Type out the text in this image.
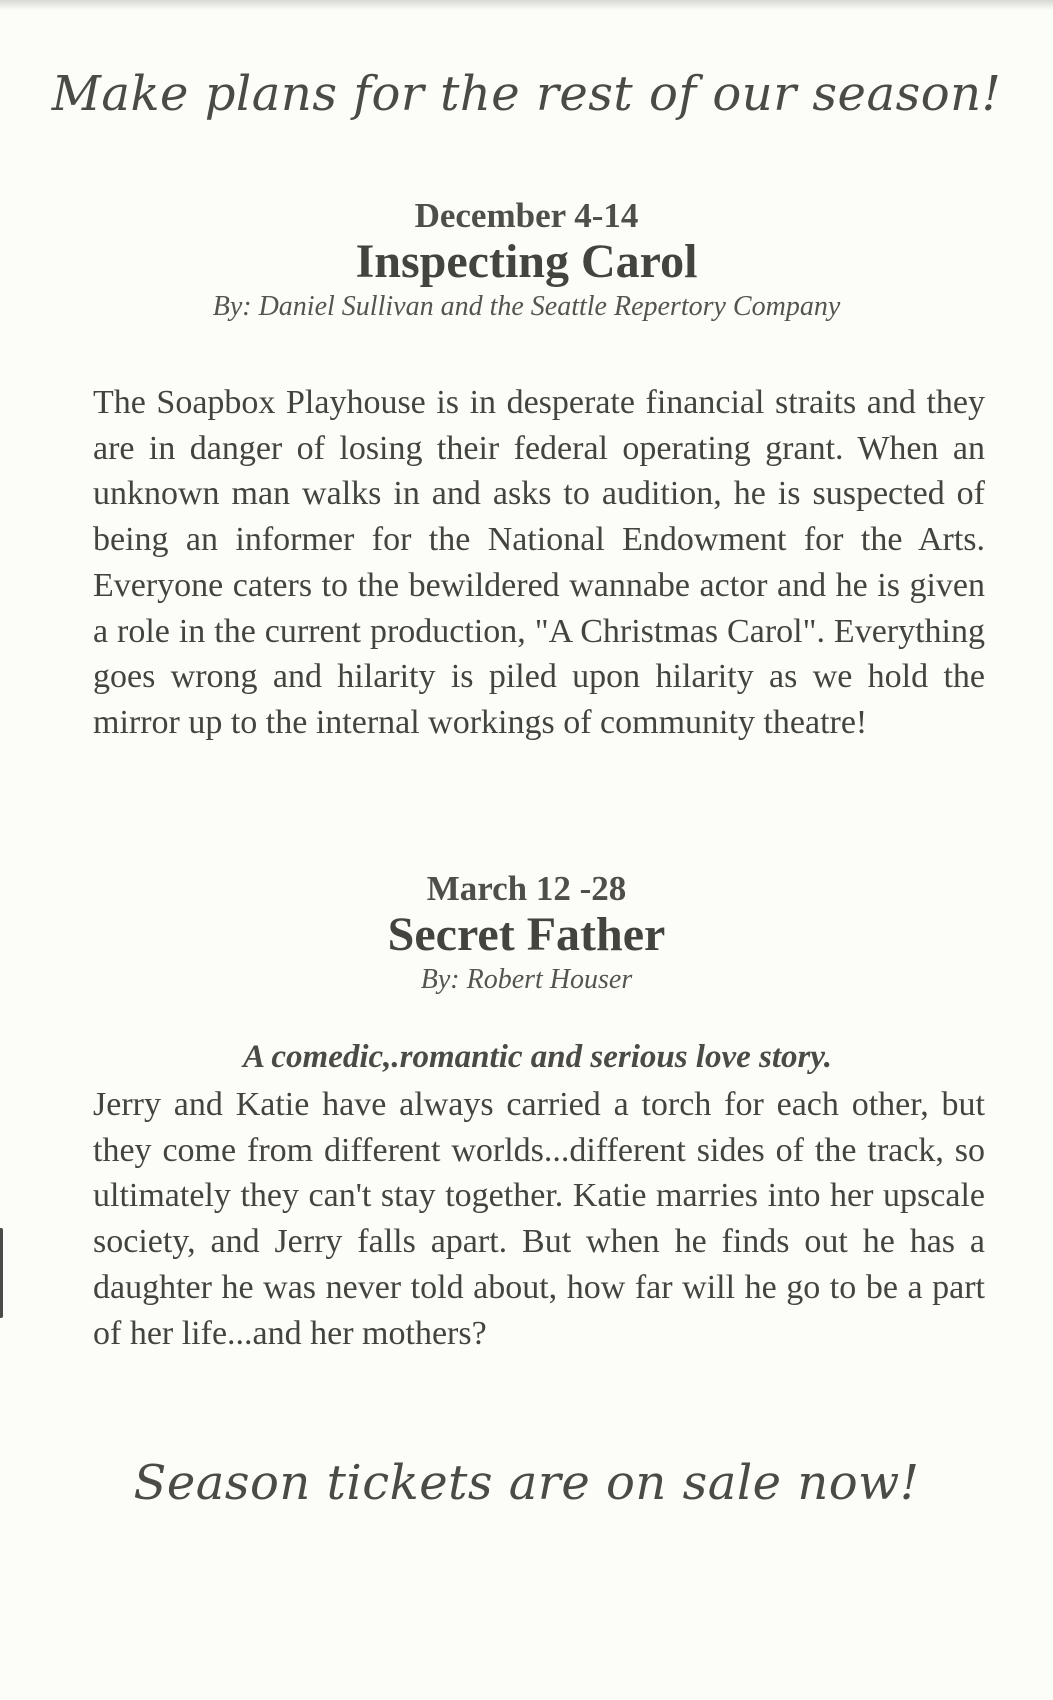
Make plans for the rest of our season!
December 4-14
Inspecting Carol
By: Daniel Sullivan and the Seattle Repertory Company
The Soapbox Playhouse is in desperate financial straits and they are in danger of losing their federal operating grant. When an unknown man walks in and asks to audition, he is suspected of being an informer for the National Endowment for the Arts. Everyone caters to the bewildered wannabe actor and he is given a role in the current production, "A Christmas Carol". Everything goes wrong and hilarity is piled upon hilarity as we hold the mirror up to the internal workings of community theatre!
March 12 -28
Secret Father
By: Robert Houser
A comedic,.romantic and serious love story.
Jerry and Katie have always carried a torch for each other, but they come from different worlds...different sides of the track, so ultimately they can't stay together. Katie marries into her upscale society, and Jerry falls apart. But when he finds out he has a daughter he was never told about, how far will he go to be a part of her life...and her mothers?
Season tickets are on sale now!
